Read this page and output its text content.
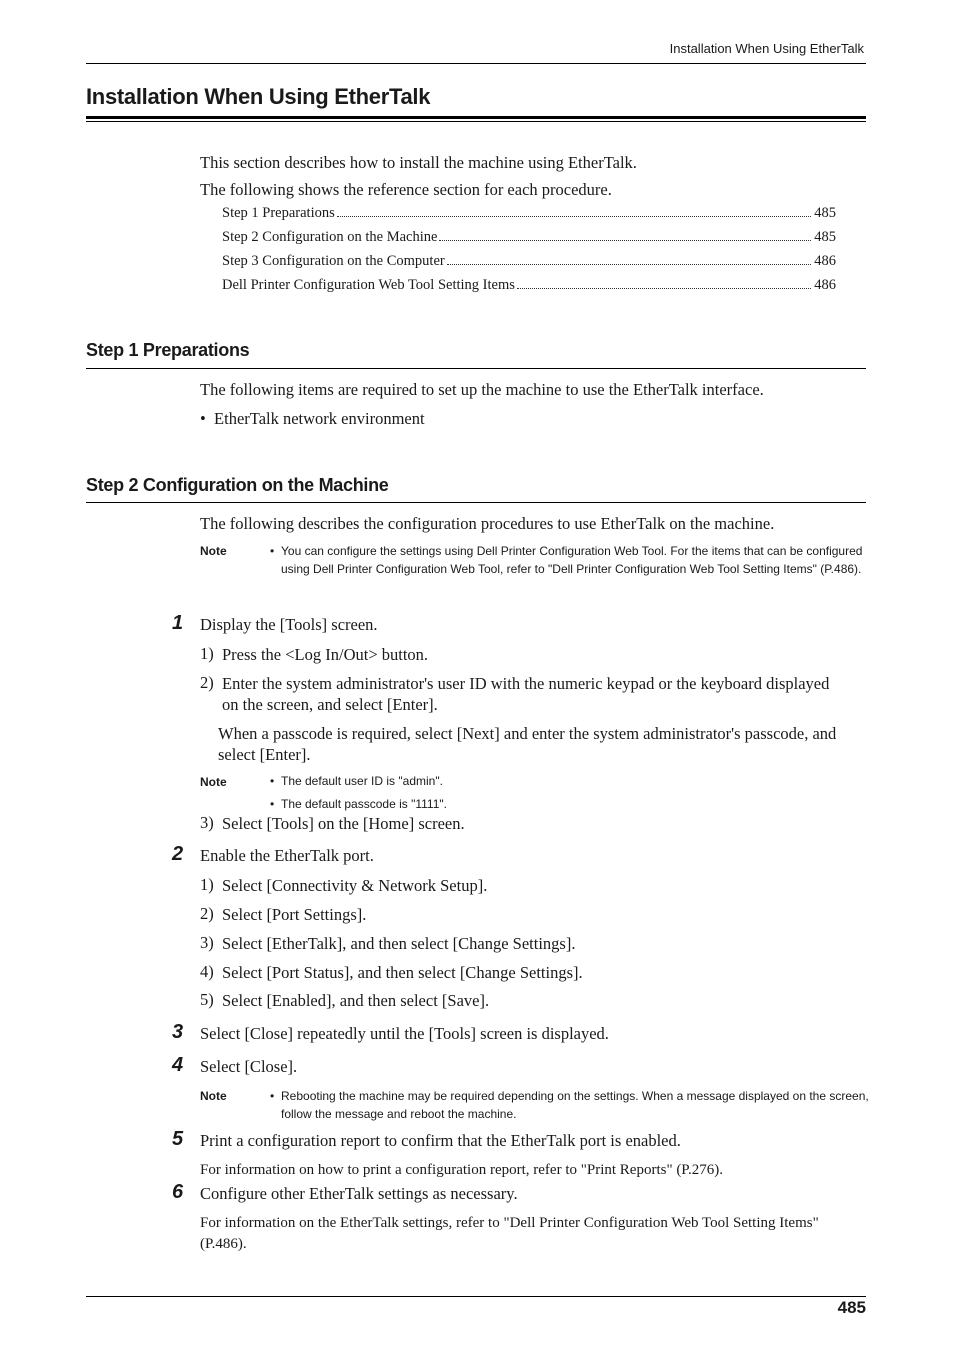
Installation When Using EtherTalk
Installation When Using EtherTalk
This section describes how to install the machine using EtherTalk.
The following shows the reference section for each procedure.
Step 1 Preparations	485
Step 2 Configuration on the Machine	485
Step 3 Configuration on the Computer	486
Dell Printer Configuration Web Tool Setting Items	486
Step 1 Preparations
The following items are required to set up the machine to use the EtherTalk interface.
•  EtherTalk network environment
Step 2 Configuration on the Machine
The following describes the configuration procedures to use EtherTalk on the machine.
Note	• You can configure the settings using Dell Printer Configuration Web Tool. For the items that can be configured using Dell Printer Configuration Web Tool, refer to "Dell Printer Configuration Web Tool Setting Items" (P.486).
1 Display the [Tools] screen.
1) Press the <Log In/Out> button.
2) Enter the system administrator's user ID with the numeric keypad or the keyboard displayed on the screen, and select [Enter].
When a passcode is required, select [Next] and enter the system administrator's passcode, and select [Enter].
Note	• The default user ID is "admin".
• The default passcode is "1111".
3) Select [Tools] on the [Home] screen.
2 Enable the EtherTalk port.
1) Select [Connectivity & Network Setup].
2) Select [Port Settings].
3) Select [EtherTalk], and then select [Change Settings].
4) Select [Port Status], and then select [Change Settings].
5) Select [Enabled], and then select [Save].
3 Select [Close] repeatedly until the [Tools] screen is displayed.
4 Select [Close].
Note	• Rebooting the machine may be required depending on the settings. When a message displayed on the screen, follow the message and reboot the machine.
5 Print a configuration report to confirm that the EtherTalk port is enabled.
For information on how to print a configuration report, refer to "Print Reports" (P.276).
6 Configure other EtherTalk settings as necessary.
For information on the EtherTalk settings, refer to "Dell Printer Configuration Web Tool Setting Items" (P.486).
485
